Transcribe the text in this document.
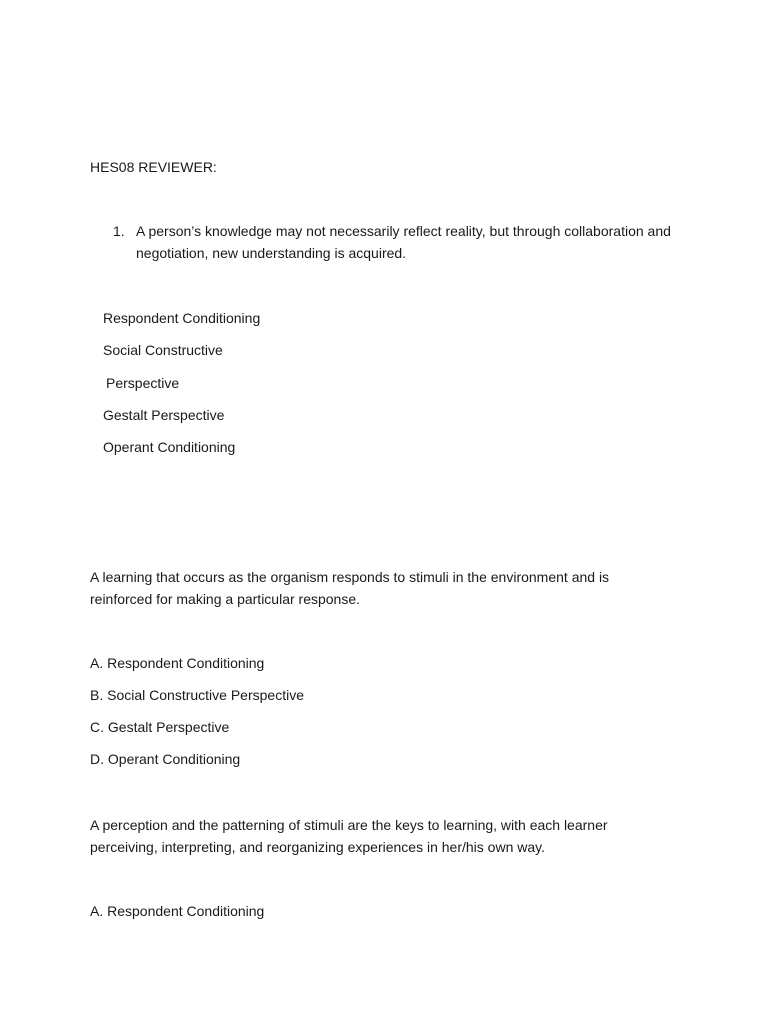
HES08 REVIEWER:
1. A person’s knowledge may not necessarily reflect reality, but through collaboration and negotiation, new understanding is acquired.
Respondent Conditioning
Social Constructive
Perspective
Gestalt Perspective
Operant Conditioning
A learning that occurs as the organism responds to stimuli in the environment and is reinforced for making a particular response.
A. Respondent Conditioning
B. Social Constructive Perspective
C. Gestalt Perspective
D. Operant Conditioning
A perception and the patterning of stimuli are the keys to learning, with each learner perceiving, interpreting, and reorganizing experiences in her/his own way.
A. Respondent Conditioning
